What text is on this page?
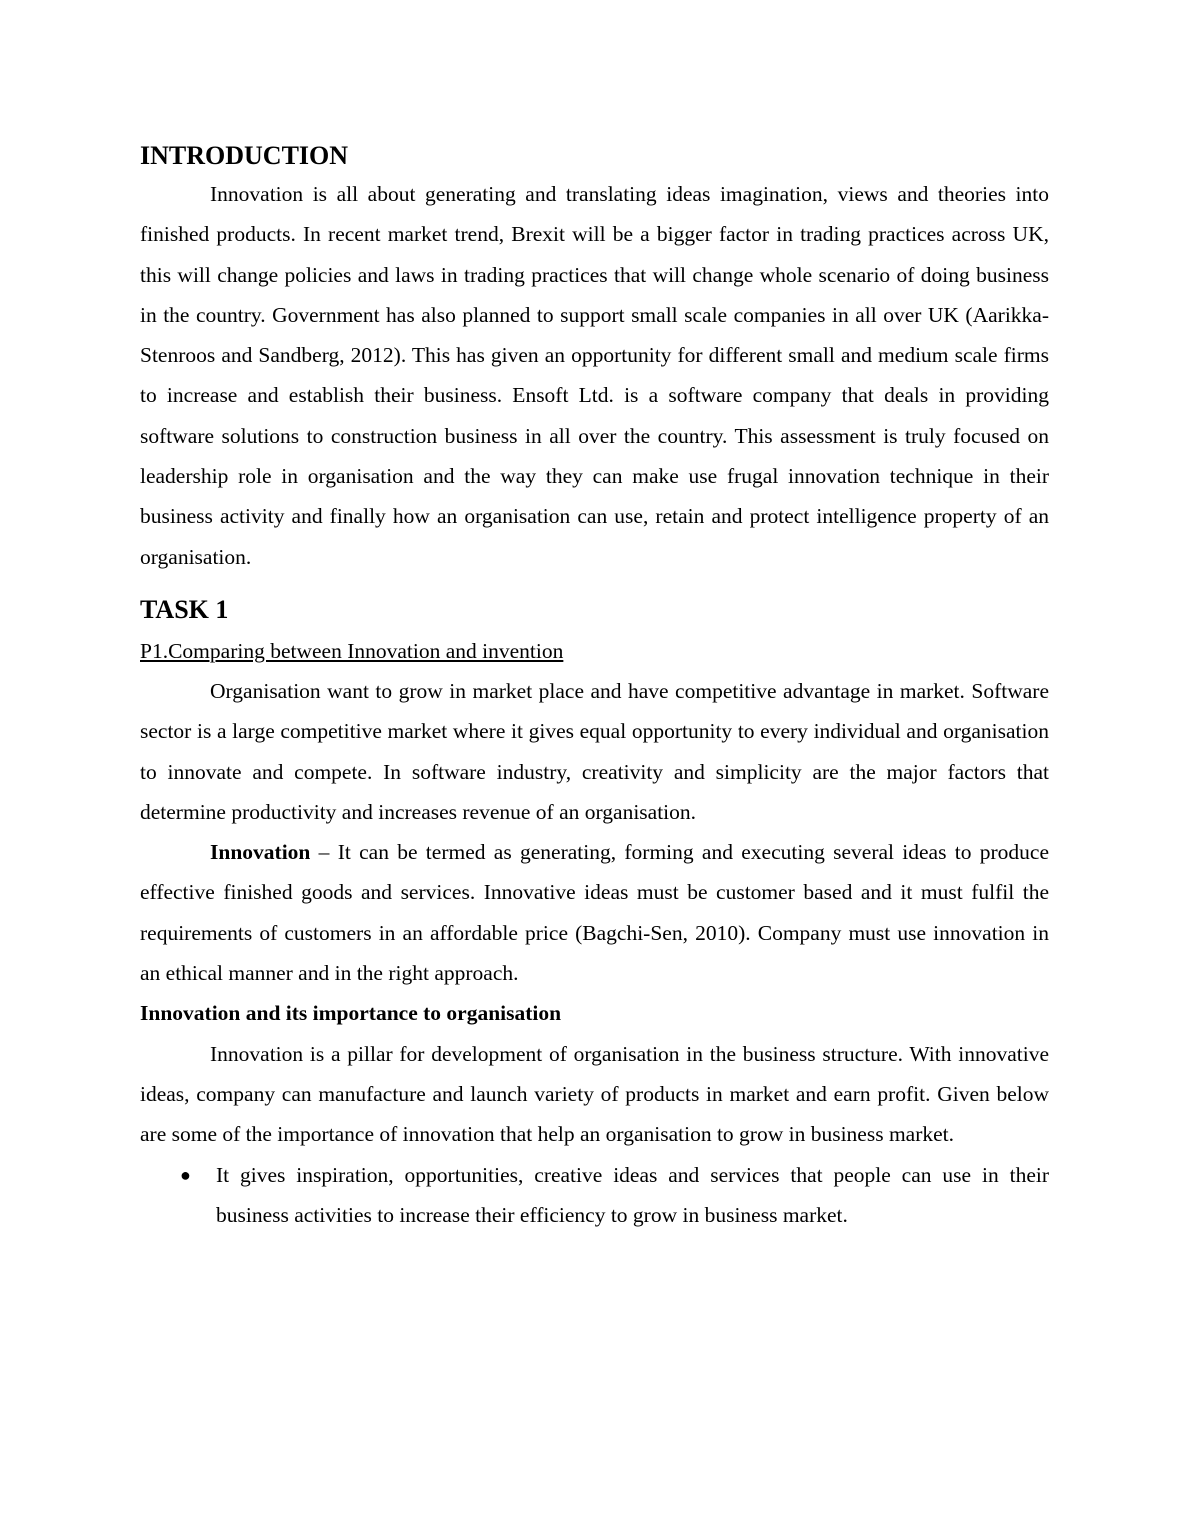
INTRODUCTION

Innovation is all about generating and translating ideas imagination, views and theories into finished products. In recent market trend, Brexit will be a bigger factor in trading practices across UK, this will change policies and laws in trading practices that will change whole scenario of doing business in the country. Government has also planned to support small scale companies in all over UK (Aarikka-Stenroos and Sandberg, 2012). This has given an opportunity for different small and medium scale firms to increase and establish their business. Ensoft Ltd. is a software company that deals in providing software solutions to construction business in all over the country. This assessment is truly focused on leadership role in organisation and the way they can make use frugal innovation technique in their business activity and finally how an organisation can use, retain and protect intelligence property of an organisation.

TASK 1
P1.Comparing between Innovation and invention

Organisation want to grow in market place and have competitive advantage in market. Software sector is a large competitive market where it gives equal opportunity to every individual and organisation to innovate and compete. In software industry, creativity and simplicity are the major factors that determine productivity and increases revenue of an organisation.

Innovation – It can be termed as generating, forming and executing several ideas to produce effective finished goods and services. Innovative ideas must be customer based and it must fulfil the requirements of customers in an affordable price (Bagchi-Sen, 2010). Company must use innovation in an ethical manner and in the right approach.

Innovation and its importance to organisation

Innovation is a pillar for development of organisation in the business structure. With innovative ideas, company can manufacture and launch variety of products in market and earn profit. Given below are some of the importance of innovation that help an organisation to grow in business market.

● It gives inspiration, opportunities, creative ideas and services that people can use in their business activities to increase their efficiency to grow in business market.
